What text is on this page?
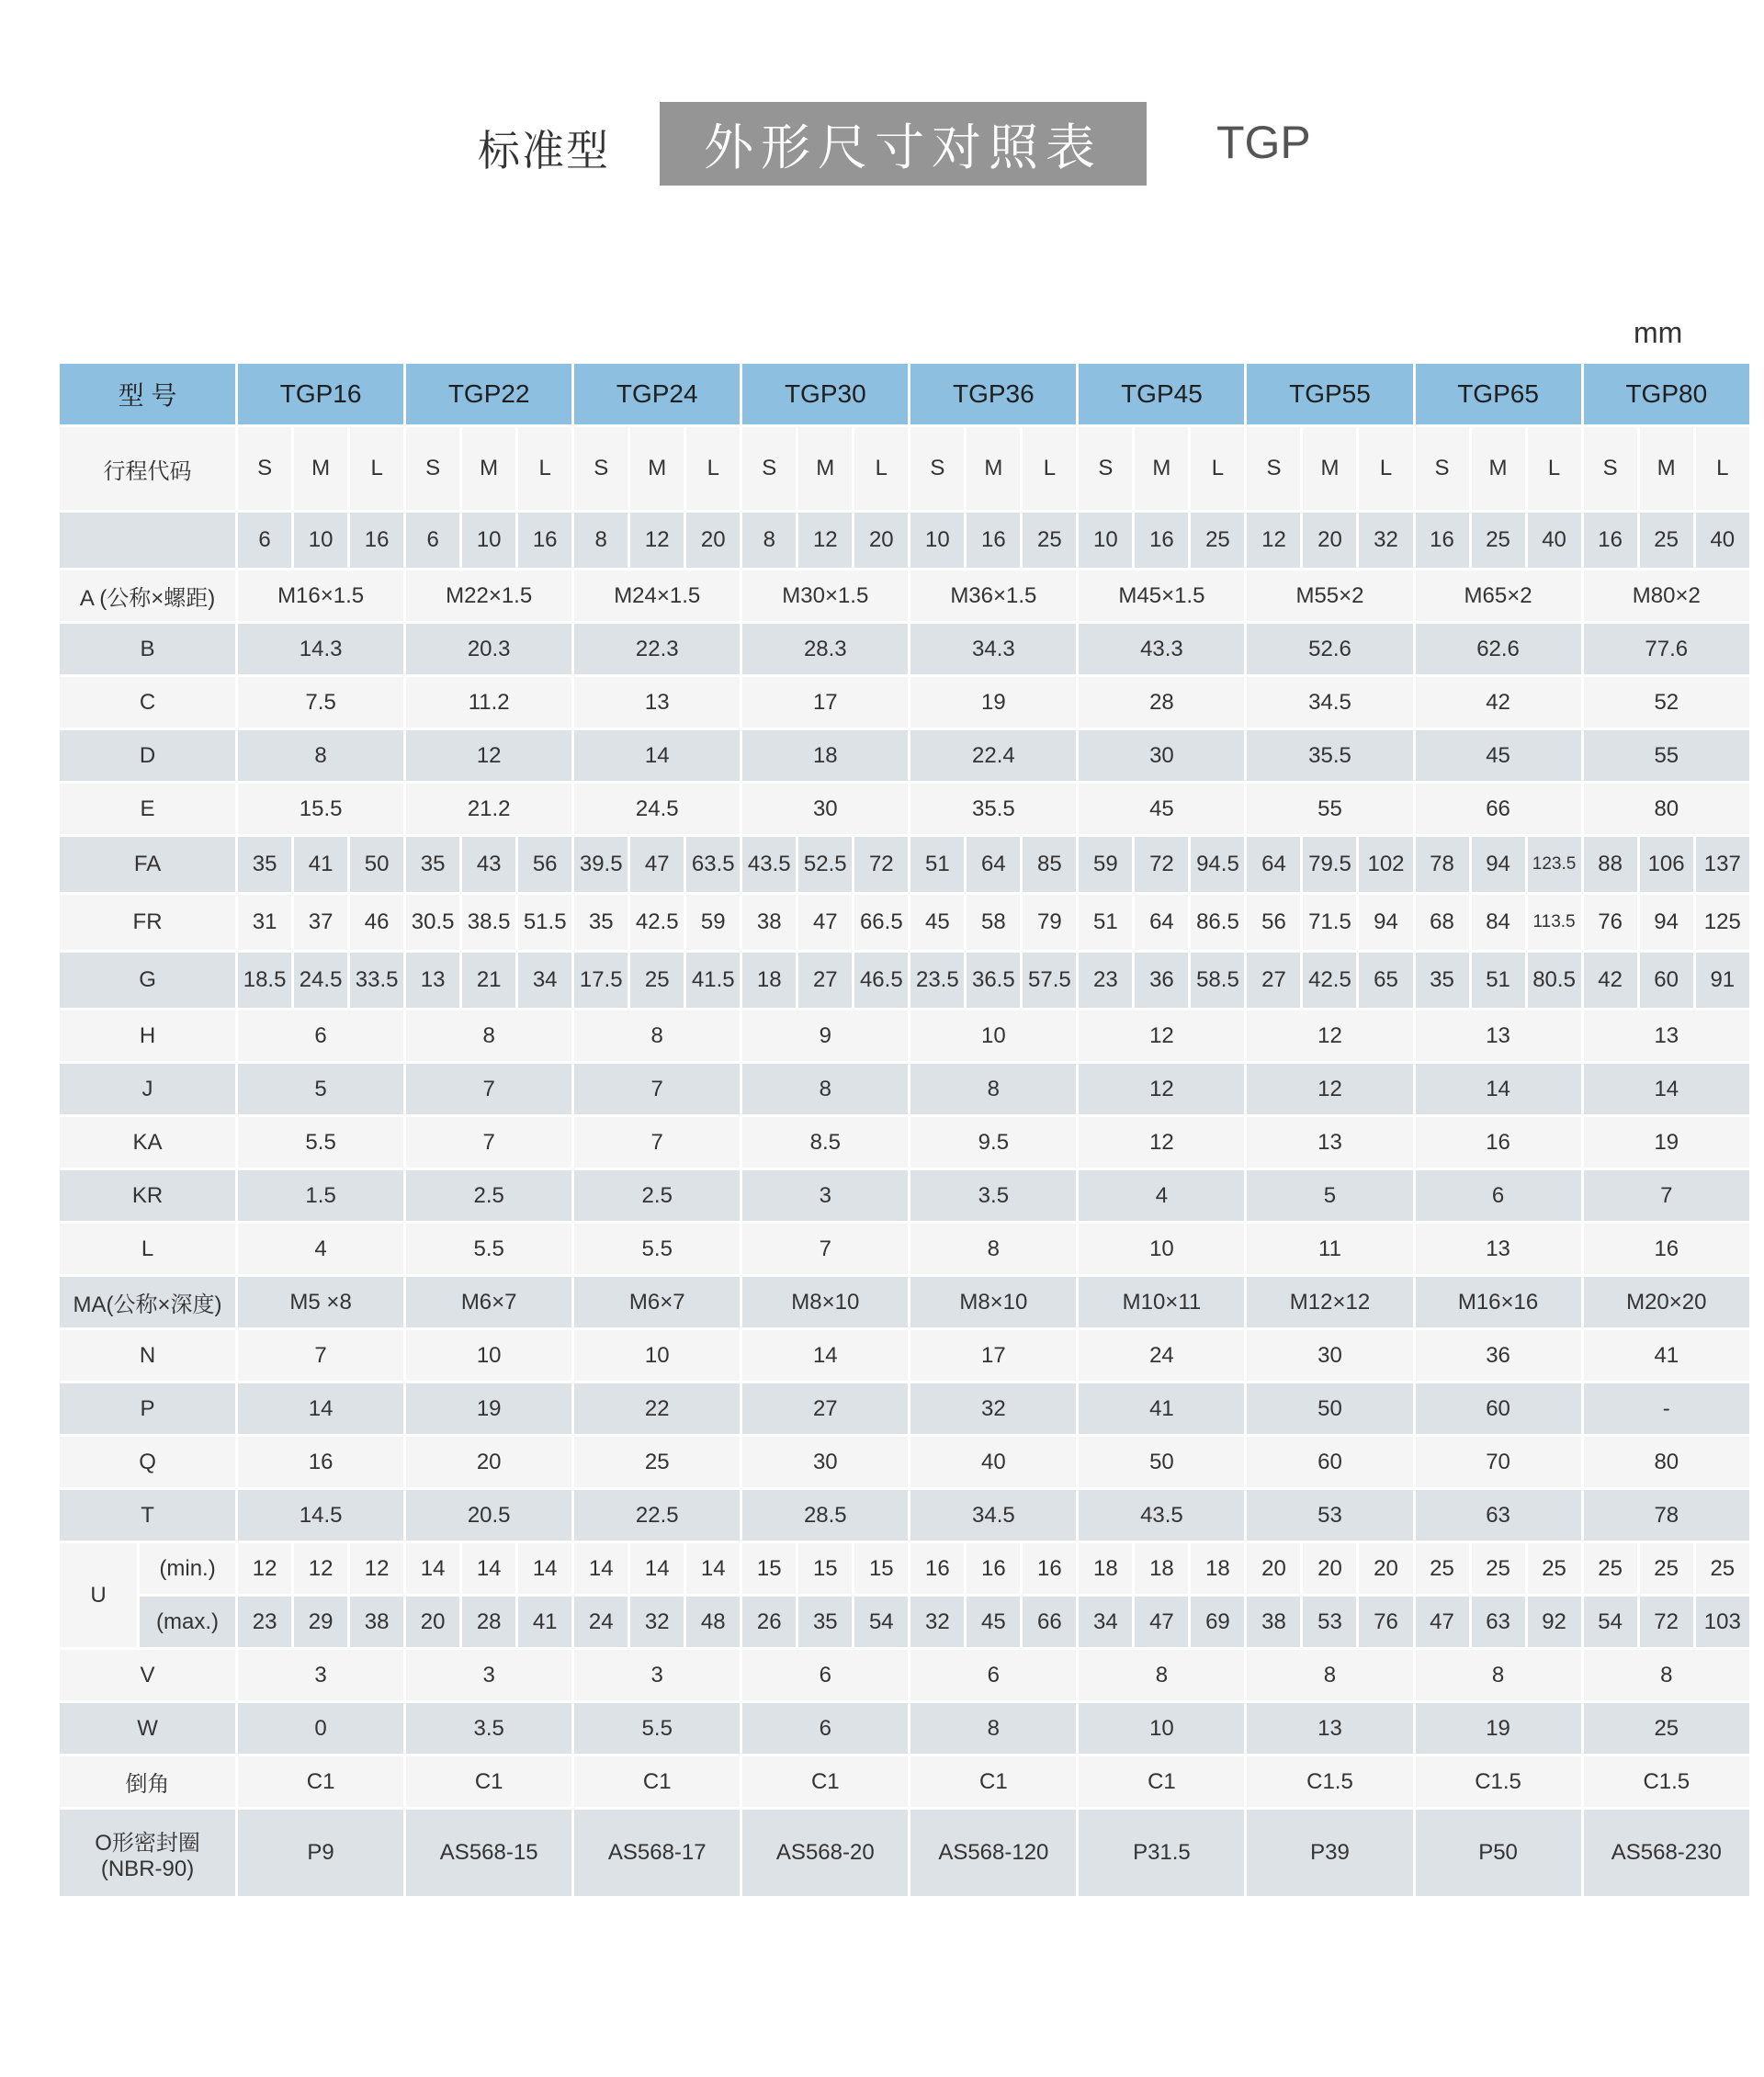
标准型 外形尺寸对照表 TGP
mm
型 号		TGP16			TGP22			TGP24			TGP30			TGP36			TGP45			TGP55			TGP65			TGP80		
行程代码		S	M	L	S	M	L	S	M	L	S	M	L	S	M	L	S	M	L	S	M	L	S	M	L	S	M	L
		6	10	16	6	10	16	8	12	20	8	12	20	10	16	25	10	16	25	12	20	32	16	25	40	16	25	40
A (公称×螺距)		M16×1.5			M22×1.5			M24×1.5			M30×1.5			M36×1.5			M45×1.5			M55×2			M65×2			M80×2		
B		14.3			20.3			22.3			28.3			34.3			43.3			52.6			62.6			77.6		
C		7.5			11.2			13			17			19			28			34.5			42			52		
D		8			12			14			18			22.4			30			35.5			45			55		
E		15.5			21.2			24.5			30			35.5			45			55			66			80		
FA		35	41	50	35	43	56	39.5	47	63.5	43.5	52.5	72	51	64	85	59	72	94.5	64	79.5	102	78	94	123.5	88	106	137
FR		31	37	46	30.5	38.5	51.5	35	42.5	59	38	47	66.5	45	58	79	51	64	86.5	56	71.5	94	68	84	113.5	76	94	125
G		18.5	24.5	33.5	13	21	34	17.5	25	41.5	18	27	46.5	23.5	36.5	57.5	23	36	58.5	27	42.5	65	35	51	80.5	42	60	91
H		6			8			8			9			10			12			12			13			13		
J		5			7			7			8			8			12			12			14			14		
KA		5.5			7			7			8.5			9.5			12			13			16			19		
KR		1.5			2.5			2.5			3			3.5			4			5			6			7		
L		4			5.5			5.5			7			8			10			11			13			16		
MA(公称×深度)		M5 ×8			M6×7			M6×7			M8×10			M8×10			M10×11			M12×12			M16×16			M20×20		
N		7			10			10			14			17			24			30			36			41		
P		14			19			22			27			32			41			50			60			-		
Q		16			20			25			30			40			50			60			70			80		
T		14.5			20.5			22.5			28.5			34.5			43.5			53			63			78		
U	(min.)	12	12	12	14	14	14	14	14	14	15	15	15	16	16	16	18	18	18	20	20	20	25	25	25	25	25	25
	(max.)	23	29	38	20	28	41	24	32	48	26	35	54	32	45	66	34	47	69	38	53	76	47	63	92	54	72	103
V		3			3			3			6			6			8			8			8			8		
W		0			3.5			5.5			6			8			10			13			19			25		
倒角		C1			C1			C1			C1			C1			C1			C1.5			C1.5			C1.5		

O形密封圈
(NBR-90)		P9			AS568-15			AS568-17			AS568-20			AS568-120			P31.5			P39			P50			AS568-230		
